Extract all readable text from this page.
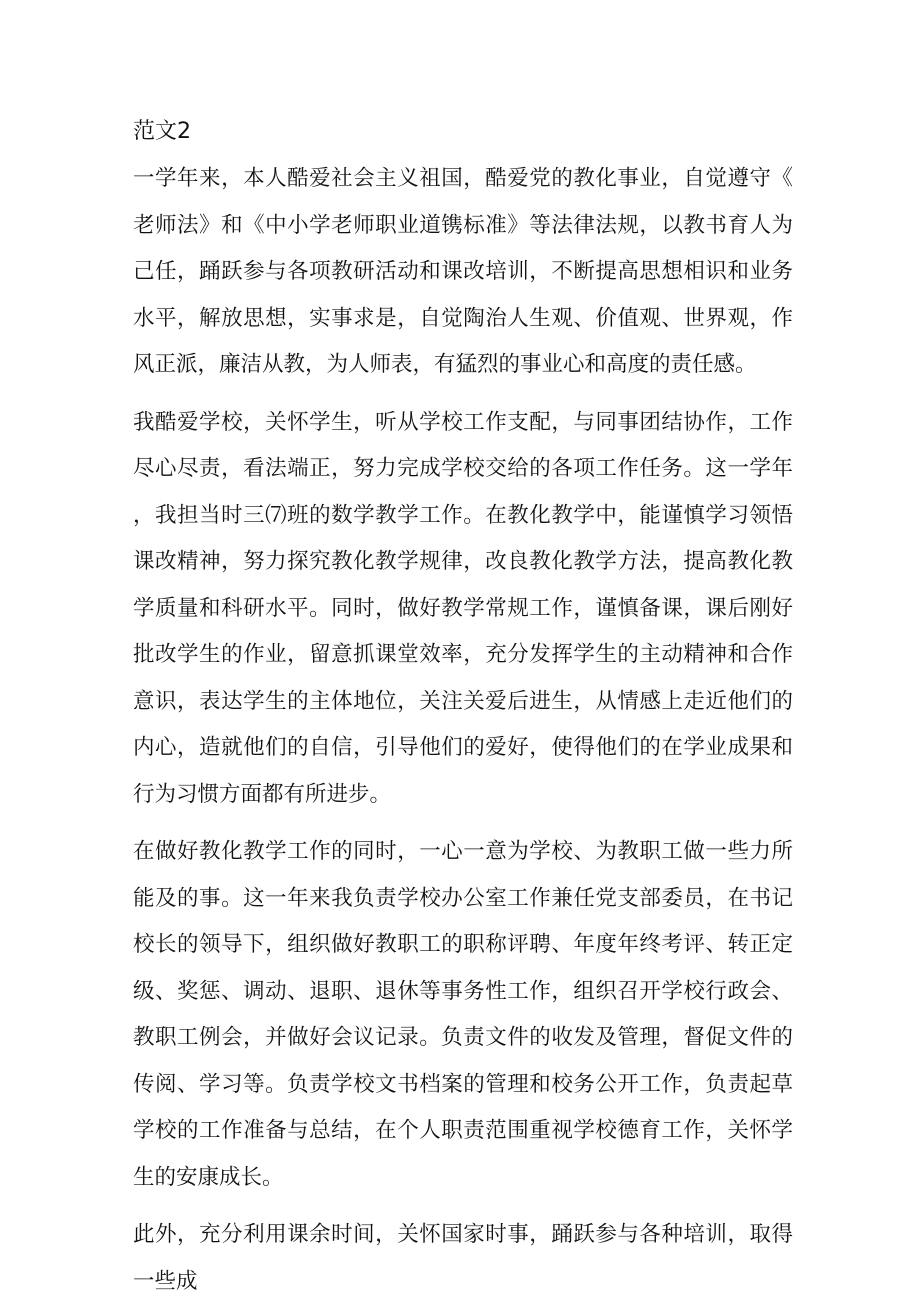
范文2

一学年来，本人酷爱社会主义祖国，酷爱党的教化事业，自觉遵守《老师法》和《中小学老师职业道镌标准》等法律法规，以教书育人为己任，踊跃参与各项教研活动和课改培训，不断提高思想相识和业务水平，解放思想，实事求是，自觉陶治人生观、价值观、世界观，作风正派，廉洁从教，为人师表，有猛烈的事业心和高度的责任感。

我酷爱学校，关怀学生，听从学校工作支配，与同事团结协作，工作尽心尽责，看法端正，努力完成学校交给的各项工作任务。这一学年，我担当时三⑺班的数学教学工作。在教化教学中，能谨慎学习领悟课改精神，努力探究教化教学规律，改良教化教学方法，提高教化教学质量和科研水平。同时，做好教学常规工作，谨慎备课，课后刚好批改学生的作业，留意抓课堂效率，充分发挥学生的主动精神和合作意识，表达学生的主体地位，关注关爱后进生，从情感上走近他们的内心，造就他们的自信，引导他们的爱好，使得他们的在学业成果和行为习惯方面都有所进步。

在做好教化教学工作的同时，一心一意为学校、为教职工做一些力所能及的事。这一年来我负责学校办公室工作兼任党支部委员，在书记校长的领导下，组织做好教职工的职称评聘、年度年终考评、转正定级、奖惩、调动、退职、退休等事务性工作，组织召开学校行政会、教职工例会，并做好会议记录。负责文件的收发及管理，督促文件的传阅、学习等。负责学校文书档案的管理和校务公开工作，负责起草学校的工作准备与总结，在个人职责范围重视学校德育工作，关怀学生的安康成长。

此外，充分利用课余时间，关怀国家时事，踊跃参与各种培训，取得一些成
